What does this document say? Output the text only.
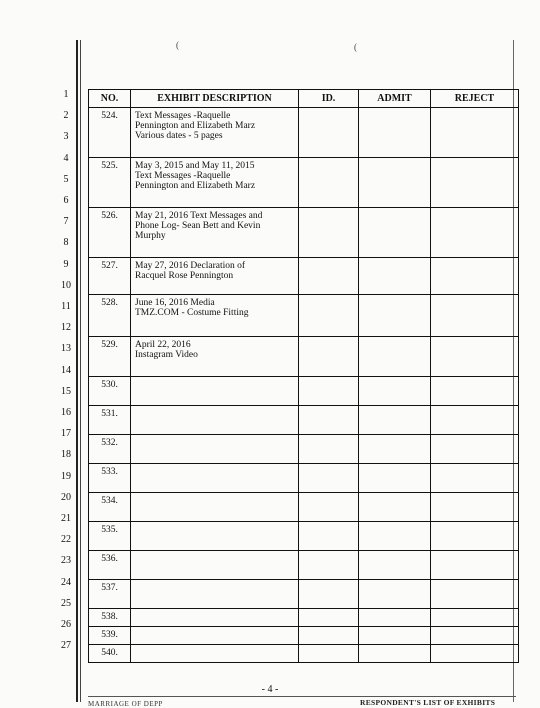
(	(
1
2
3
4
5
6
7
8
9
10
11
12
13
14
15
16
17
18
19
20
21
22
23
24
25
26
27
NO.	EXHIBIT DESCRIPTION	ID.	ADMIT	REJECT
524.	Text Messages -Raquelle
Pennington and Elizabeth Marz
Various dates - 5 pages			

525.	May 3, 2015 and May 11, 2015
Text Messages -Raquelle
Pennington and Elizabeth Marz			

526.	May 21, 2016 Text Messages and
Phone Log- Sean Bett and Kevin
Murphy			

527.	May 27, 2016 Declaration of
Racquel Rose Pennington			

528.	June 16, 2016 Media
TMZ.COM - Costume Fitting			

529.	April 22, 2016
Instagram Video			

530.				
531.				
532.				
533.				
534.				
535.				
536.				
537.				
538.				
539.				
540.				
- 4 -
MARRIAGE OF DEPP	RESPONDENT'S LIST OF EXHIBITS
